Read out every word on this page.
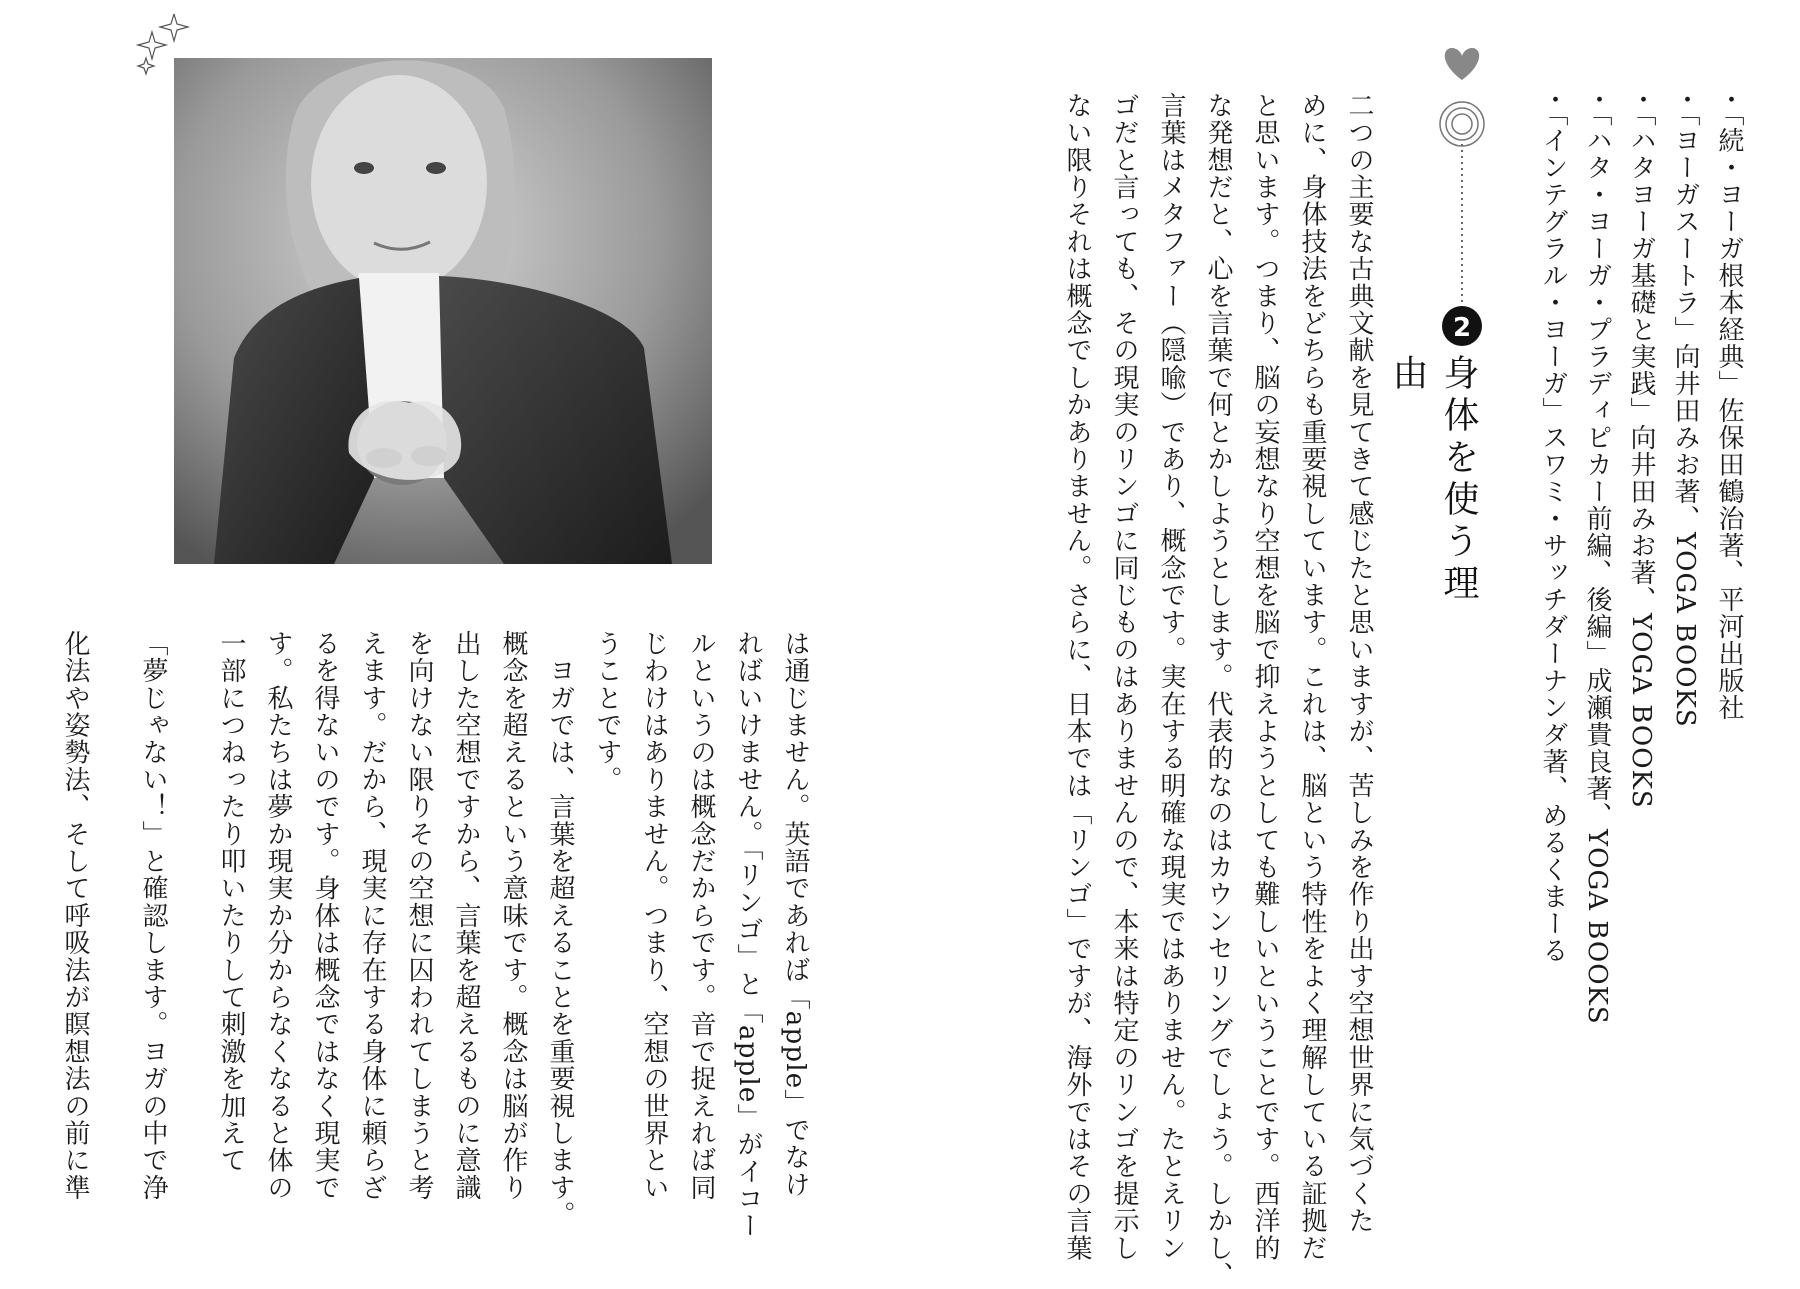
・「続・ヨーガ根本経典」佐保田鶴治著、平河出版社
・「ヨーガスートラ」向井田みお著、YOGA BOOKS
・「ハタヨーガ基礎と実践」向井田みお著、YOGA BOOKS
・「ハタ・ヨーガ・プラディピカー前編、後編」成瀬貴良著、YOGA BOOKS
・「インテグラル・ヨーガ」スワミ・サッチダーナンダ著、めるくまーる
2
身体を使う理由
二つの主要な古典文献を見てきて感じたと思いますが、苦しみを作り出す空想世界に気づくた
めに、身体技法をどちらも重要視しています。これは、脳という特性をよく理解している証拠だ
と思います。つまり、脳の妄想なり空想を脳で抑えようとしても難しいということです。西洋的
な発想だと、心を言葉で何とかしようとします。代表的なのはカウンセリングでしょう。しかし、
言葉はメタファー（隠喩）であり、概念です。実在する明確な現実ではありません。たとえリン
ゴだと言っても、その現実のリンゴに同じものはありませんので、本来は特定のリンゴを提示し
ない限りそれは概念でしかありません。さらに、日本では「リンゴ」ですが、海外ではその言葉
は通じません。英語であれば「apple」でなけ
ればいけません。「リンゴ」と「apple」がイコー
ルというのは概念だからです。音で捉えれば同
じわけはありません。つまり、空想の世界とい
うことです。
　ヨガでは、言葉を超えることを重要視します。
概念を超えるという意味です。概念は脳が作り
出した空想ですから、言葉を超えるものに意識
を向けない限りその空想に囚われてしまうと考
えます。だから、現実に存在する身体に頼らざ
るを得ないのです。身体は概念ではなく現実で
す。私たちは夢か現実か分からなくなると体の
一部につねったり叩いたりして刺激を加えて
「夢じゃない！」と確認します。ヨガの中で浄
化法や姿勢法、そして呼吸法が瞑想法の前に準
